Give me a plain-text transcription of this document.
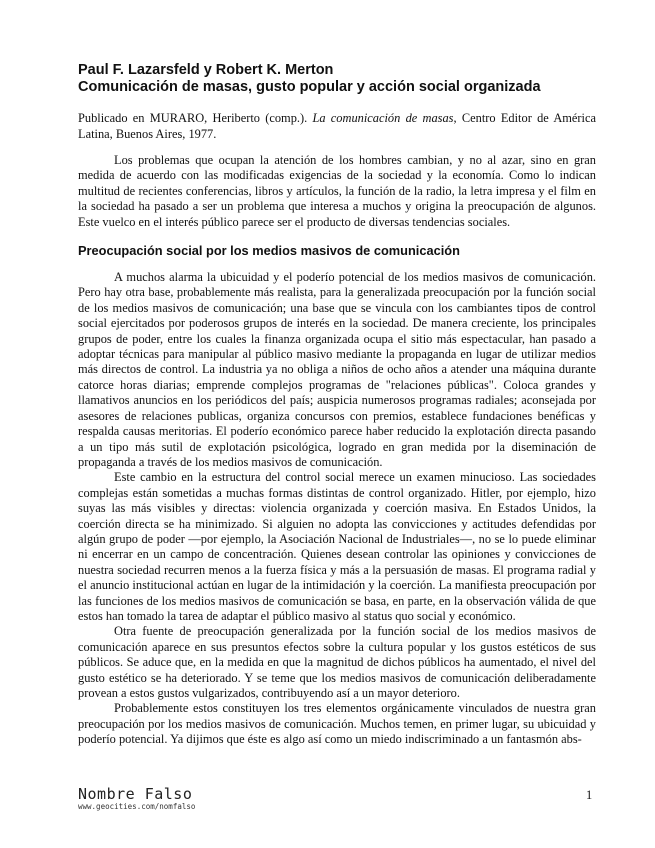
Paul F. Lazarsfeld y Robert K. Merton
Comunicación de masas, gusto popular y acción social organizada

Publicado en MURARO, Heriberto (comp.). La comunicación de masas, Centro Editor de América Latina, Buenos Aires, 1977.

Los problemas que ocupan la atención de los hombres cambian, y no al azar, sino en gran medida de acuerdo con las modificadas exigencias de la sociedad y la economía. Como lo indican multitud de recientes conferencias, libros y artículos, la función de la radio, la letra impresa y el film en la sociedad ha pasado a ser un problema que interesa a muchos y origina la preocupación de algunos. Este vuelco en el interés público parece ser el producto de diversas tendencias sociales.

Preocupación social por los medios masivos de comunicación

A muchos alarma la ubicuidad y el poderío potencial de los medios masivos de comunicación. Pero hay otra base, probablemente más realista, para la generalizada preocupación por la función social de los medios masivos de comunicación; una base que se vincula con los cambiantes tipos de control social ejercitados por poderosos grupos de interés en la sociedad. De manera creciente, los principales grupos de poder, entre los cuales la finanza organizada ocupa el sitio más espectacular, han pasado a adoptar técnicas para manipular al público masivo mediante la propaganda en lugar de utilizar medios más directos de control. La industria ya no obliga a niños de ocho años a atender una máquina durante catorce horas diarias; emprende complejos programas de "relaciones públicas". Coloca grandes y llamativos anuncios en los periódicos del país; auspicia numerosos programas radiales; aconsejada por asesores de relaciones publicas, organiza concursos con premios, establece fundaciones benéficas y respalda causas meritorias. El poderío económico parece haber reducido la explotación directa pasando a un tipo más sutil de explotación psicológica, logrado en gran medida por la diseminación de propaganda a través de los medios masivos de comunicación.

Este cambio en la estructura del control social merece un examen minucioso. Las sociedades complejas están sometidas a muchas formas distintas de control organizado. Hitler, por ejemplo, hizo suyas las más visibles y directas: violencia organizada y coerción masiva. En Estados Unidos, la coerción directa se ha minimizado. Si alguien no adopta las convicciones y actitudes defendidas por algún grupo de poder —por ejemplo, la Asociación Nacional de Industriales—, no se lo puede eliminar ni encerrar en un campo de concentración. Quienes desean controlar las opiniones y convicciones de nuestra sociedad recurren menos a la fuerza física y más a la persuasión de masas. El programa radial y el anuncio institucional actúan en lugar de la intimidación y la coerción. La manifiesta preocupación por las funciones de los medios masivos de comunicación se basa, en parte, en la observación válida de que estos han tomado la tarea de adaptar el público masivo al status quo social y económico.

Otra fuente de preocupación generalizada por la función social de los medios masivos de comunicación aparece en sus presuntos efectos sobre la cultura popular y los gustos estéticos de sus públicos. Se aduce que, en la medida en que la magnitud de dichos públicos ha aumentado, el nivel del gusto estético se ha deteriorado. Y se teme que los medios masivos de comunicación deliberadamente provean a estos gustos vulgarizados, contribuyendo así a un mayor deterioro.

Probablemente estos constituyen los tres elementos orgánicamente vinculados de nuestra gran preocupación por los medios masivos de comunicación. Muchos temen, en primer lugar, su ubicuidad y poderío potencial. Ya dijimos que éste es algo así como un miedo indiscriminado a un fantasmón abs-

Nombre Falso
www.geocities.com/nomfalso
1
